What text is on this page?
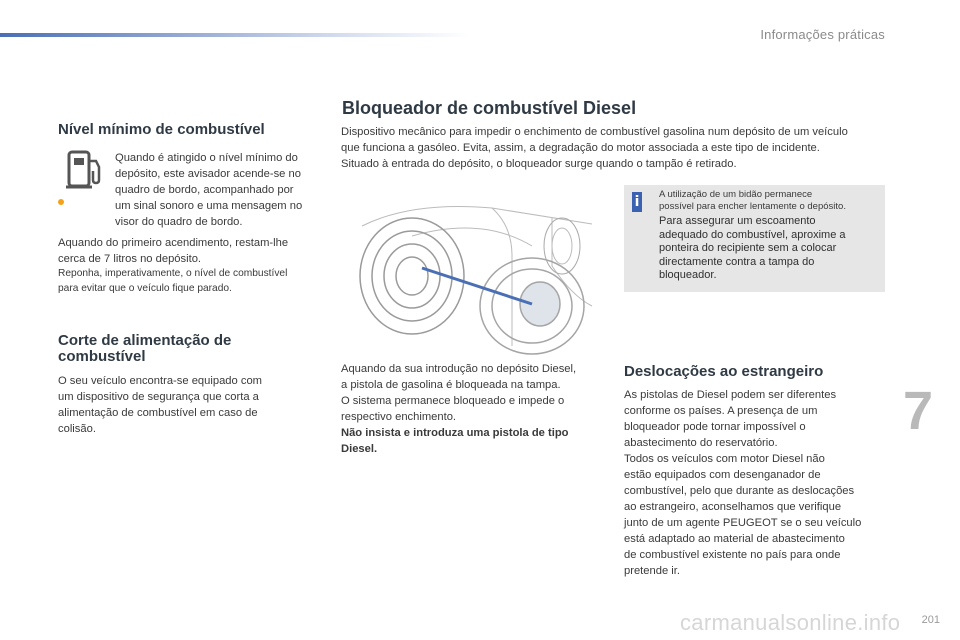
Informações práticas
Nível mínimo de combustível

Quando é atingido o nível mínimo do

depósito, este avisador acende-se no

quadro de bordo, acompanhado por

um sinal sonoro e uma mensagem no

visor do quadro de bordo.

Aquando do primeiro acendimento, restam-lhe

cerca de 7 litros no depósito.

Reponha, imperativamente, o nível de combustível

para evitar que o veículo fique parado.

Corte de alimentação de
combustível

O seu veículo encontra-se equipado com

um dispositivo de segurança que corta a

alimentação de combustível em caso de

colisão.

Bloqueador de combustível Diesel

Dispositivo mecânico para impedir o enchimento de combustível gasolina num depósito de um veículo

que funciona a gasóleo. Evita, assim, a degradação do motor associada a este tipo de incidente.

Situado à entrada do depósito, o bloqueador surge quando o tampão é retirado.

Aquando da sua introdução no depósito Diesel,

a pistola de gasolina é bloqueada na tampa.

O sistema permanece bloqueado e impede o

respectivo enchimento.

Não insista e introduza uma pistola de tipo

Diesel.

i A utilização de um bidão permanece

possível para encher lentamente o depósito.

Para assegurar um escoamento

adequado do combustível, aproxime a

ponteira do recipiente sem a colocar

directamente contra a tampa do

bloqueador.

Deslocações ao estrangeiro

As pistolas de Diesel podem ser diferentes

conforme os países. A presença de um

bloqueador pode tornar impossível o

abastecimento do reservatório.

Todos os veículos com motor Diesel não

estão equipados com desenganador de

combustível, pelo que durante as deslocações

ao estrangeiro, aconselhamos que verifique

junto de um agente PEUGEOT se o seu veículo

está adaptado ao material de abastecimento

de combustível existente no país para onde

pretende ir.

7
carmanualsonline.info 201
